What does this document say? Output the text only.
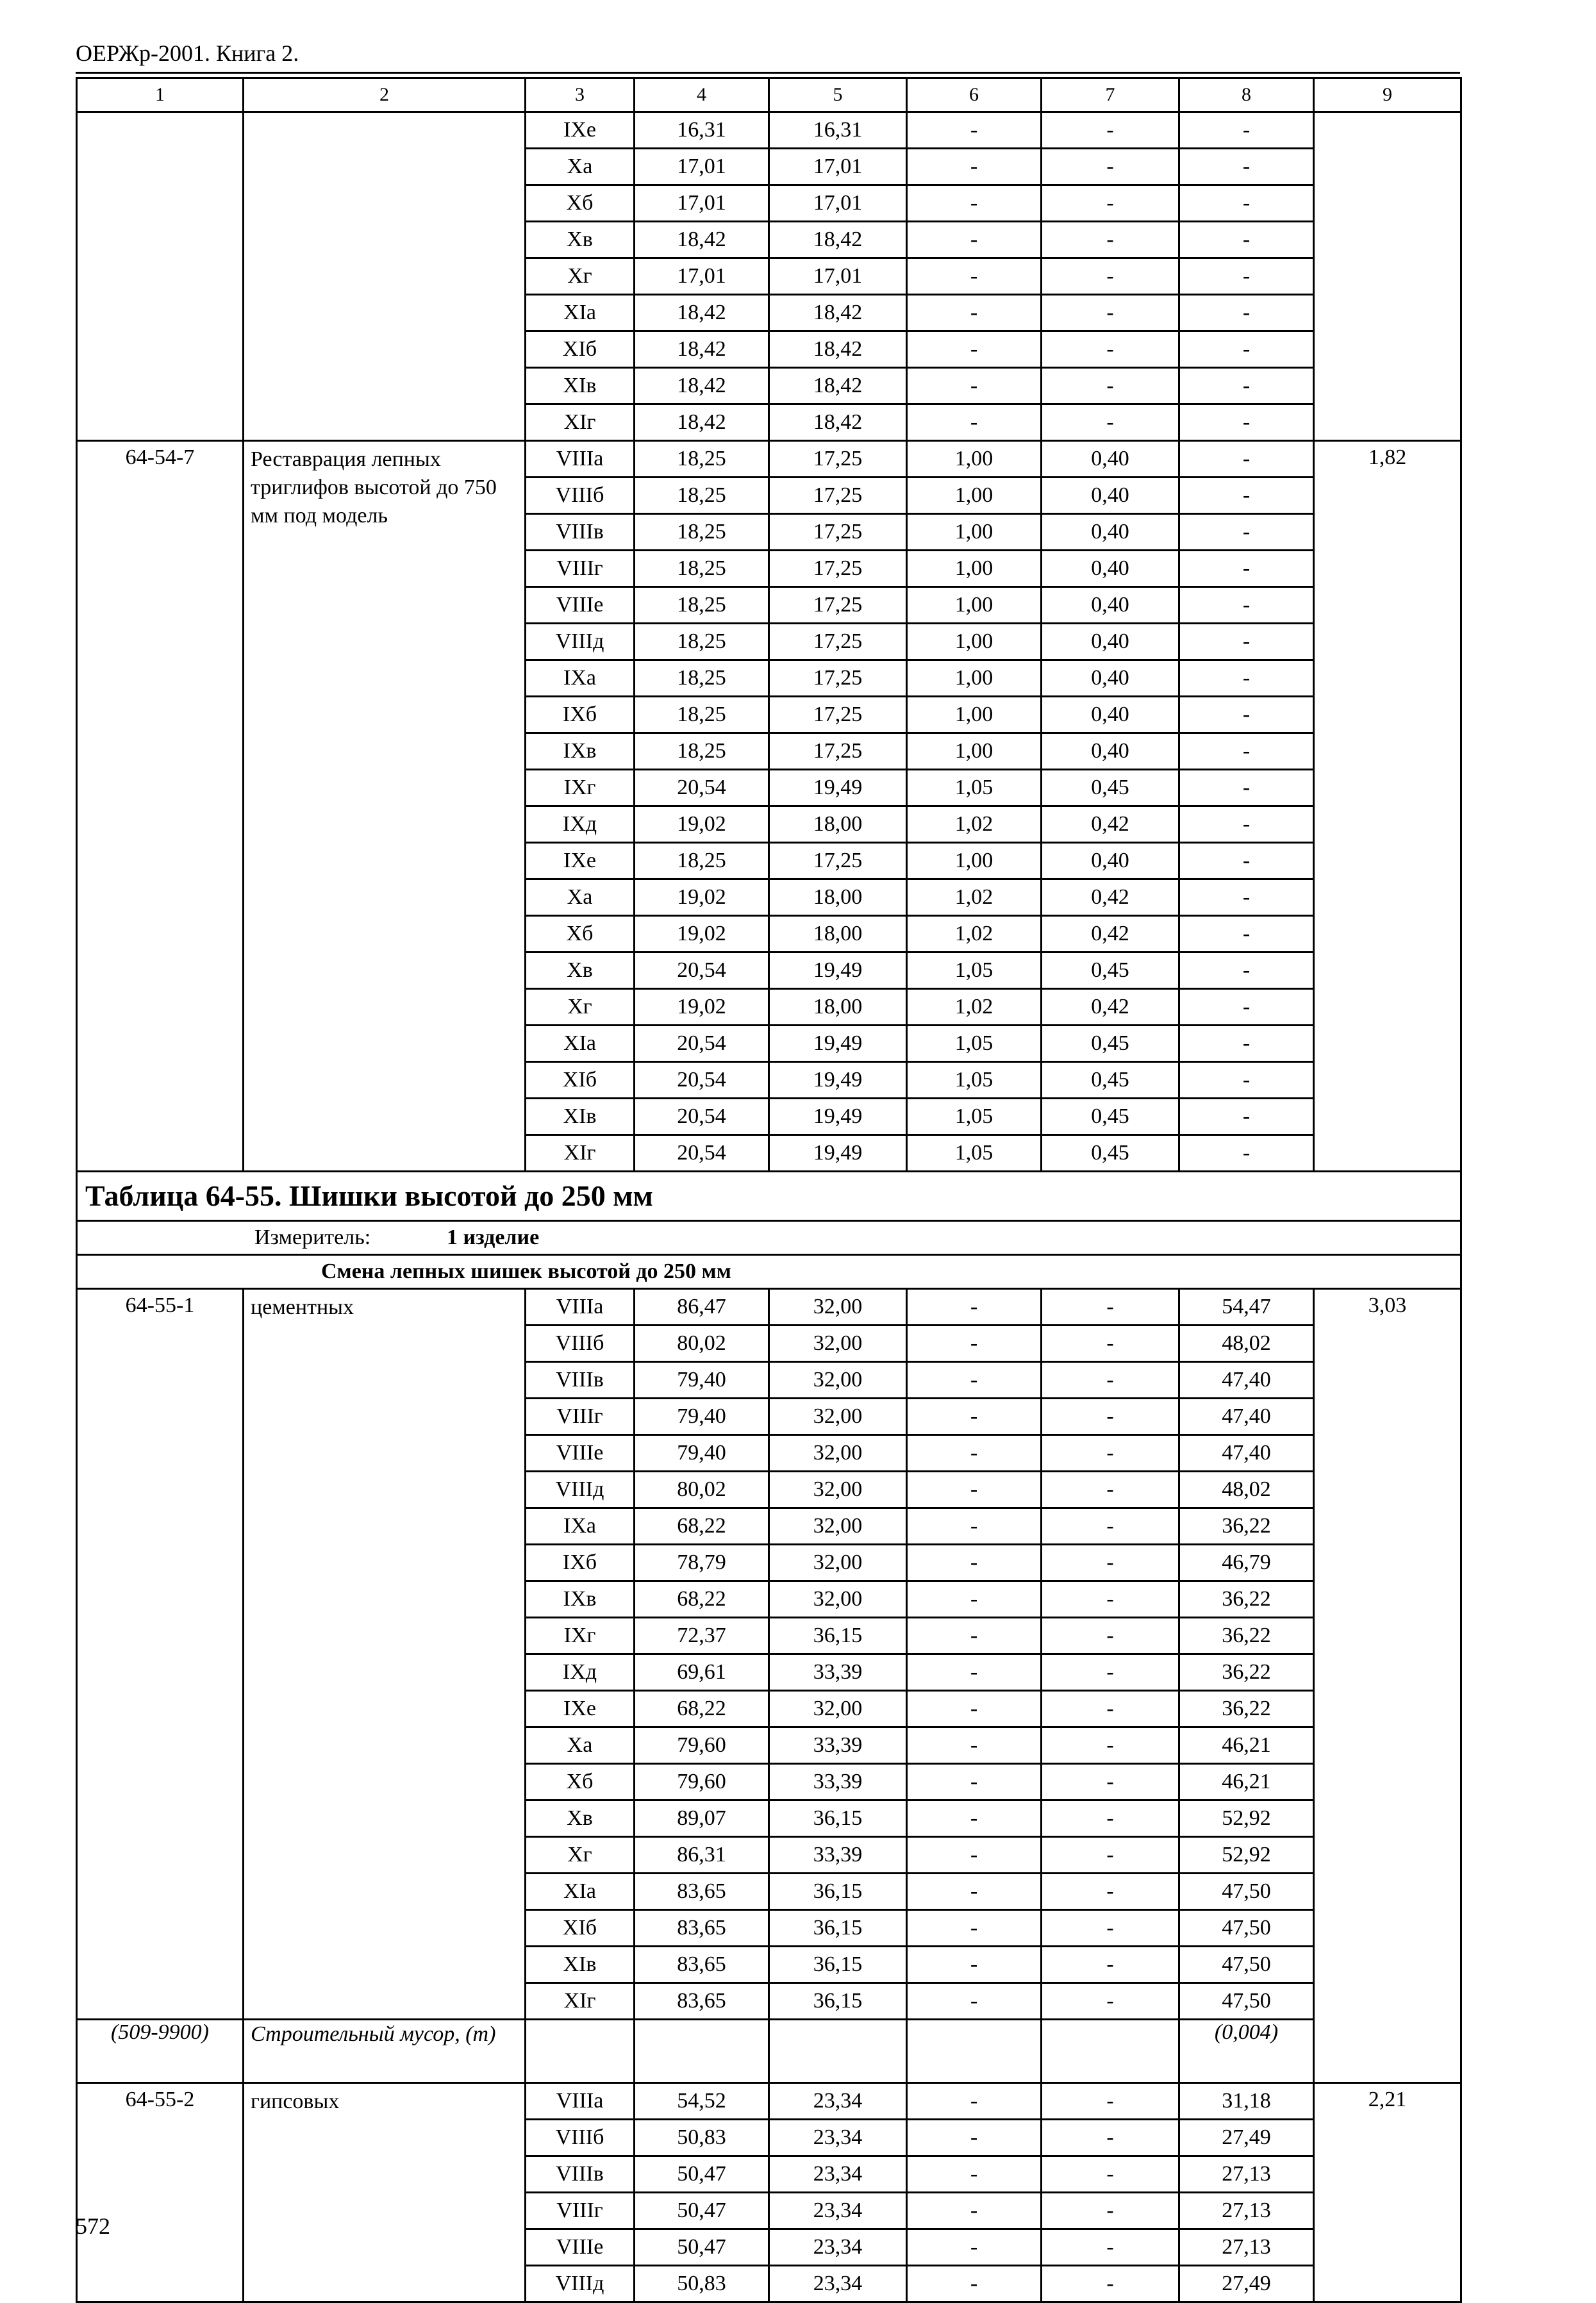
ОЕРЖр-2001. Книга 2.
1	2	3	4	5	6	7	8	9
		IXе	16,31	16,31	-	-	-	
		Xа	17,01	17,01	-	-	-	
		Xб	17,01	17,01	-	-	-	
		Xв	18,42	18,42	-	-	-	
		Xг	17,01	17,01	-	-	-	
		XIа	18,42	18,42	-	-	-	
		XIб	18,42	18,42	-	-	-	
		XIв	18,42	18,42	-	-	-	
		XIг	18,42	18,42	-	-	-	
64-54-7	Реставрация лепных триглифов высотой до 750 мм под модель	VIIIа	18,25	17,25	1,00	0,40	-	1,82
		VIIIб	18,25	17,25	1,00	0,40	-	
		VIIIв	18,25	17,25	1,00	0,40	-	
		VIIIг	18,25	17,25	1,00	0,40	-	
		VIIIе	18,25	17,25	1,00	0,40	-	
		VIIIд	18,25	17,25	1,00	0,40	-	
		IXа	18,25	17,25	1,00	0,40	-	
		IXб	18,25	17,25	1,00	0,40	-	
		IXв	18,25	17,25	1,00	0,40	-	
		IXг	20,54	19,49	1,05	0,45	-	
		IXд	19,02	18,00	1,02	0,42	-	
		IXе	18,25	17,25	1,00	0,40	-	
		Xа	19,02	18,00	1,02	0,42	-	
		Xб	19,02	18,00	1,02	0,42	-	
		Xв	20,54	19,49	1,05	0,45	-	
		Xг	19,02	18,00	1,02	0,42	-	
		XIа	20,54	19,49	1,05	0,45	-	
		XIб	20,54	19,49	1,05	0,45	-	
		XIв	20,54	19,49	1,05	0,45	-	
		XIг	20,54	19,49	1,05	0,45	-	
Таблица 64-55. Шишки высотой до 250 мм								
Измеритель: 1 изделие								
Смена лепных шишек высотой до 250 мм								
64-55-1	цементных	VIIIа	86,47	32,00	-	-	54,47	3,03
		VIIIб	80,02	32,00	-	-	48,02	
		VIIIв	79,40	32,00	-	-	47,40	
		VIIIг	79,40	32,00	-	-	47,40	
		VIIIе	79,40	32,00	-	-	47,40	
		VIIIд	80,02	32,00	-	-	48,02	
		IXа	68,22	32,00	-	-	36,22	
		IXб	78,79	32,00	-	-	46,79	
		IXв	68,22	32,00	-	-	36,22	
		IXг	72,37	36,15	-	-	36,22	
		IXд	69,61	33,39	-	-	36,22	
		IXе	68,22	32,00	-	-	36,22	
		Xа	79,60	33,39	-	-	46,21	
		Xб	79,60	33,39	-	-	46,21	
		Xв	89,07	36,15	-	-	52,92	
		Xг	86,31	33,39	-	-	52,92	
		XIа	83,65	36,15	-	-	47,50	
		XIб	83,65	36,15	-	-	47,50	
		XIв	83,65	36,15	-	-	47,50	
		XIг	83,65	36,15	-	-	47,50	
(509-9900)	Строительный мусор, (т)						(0,004)	
64-55-2	гипсовых	VIIIа	54,52	23,34	-	-	31,18	2,21
		VIIIб	50,83	23,34	-	-	27,49	
		VIIIв	50,47	23,34	-	-	27,13	
		VIIIг	50,47	23,34	-	-	27,13	
		VIIIе	50,47	23,34	-	-	27,13	
		VIIIд	50,83	23,34	-	-	27,49	
572
